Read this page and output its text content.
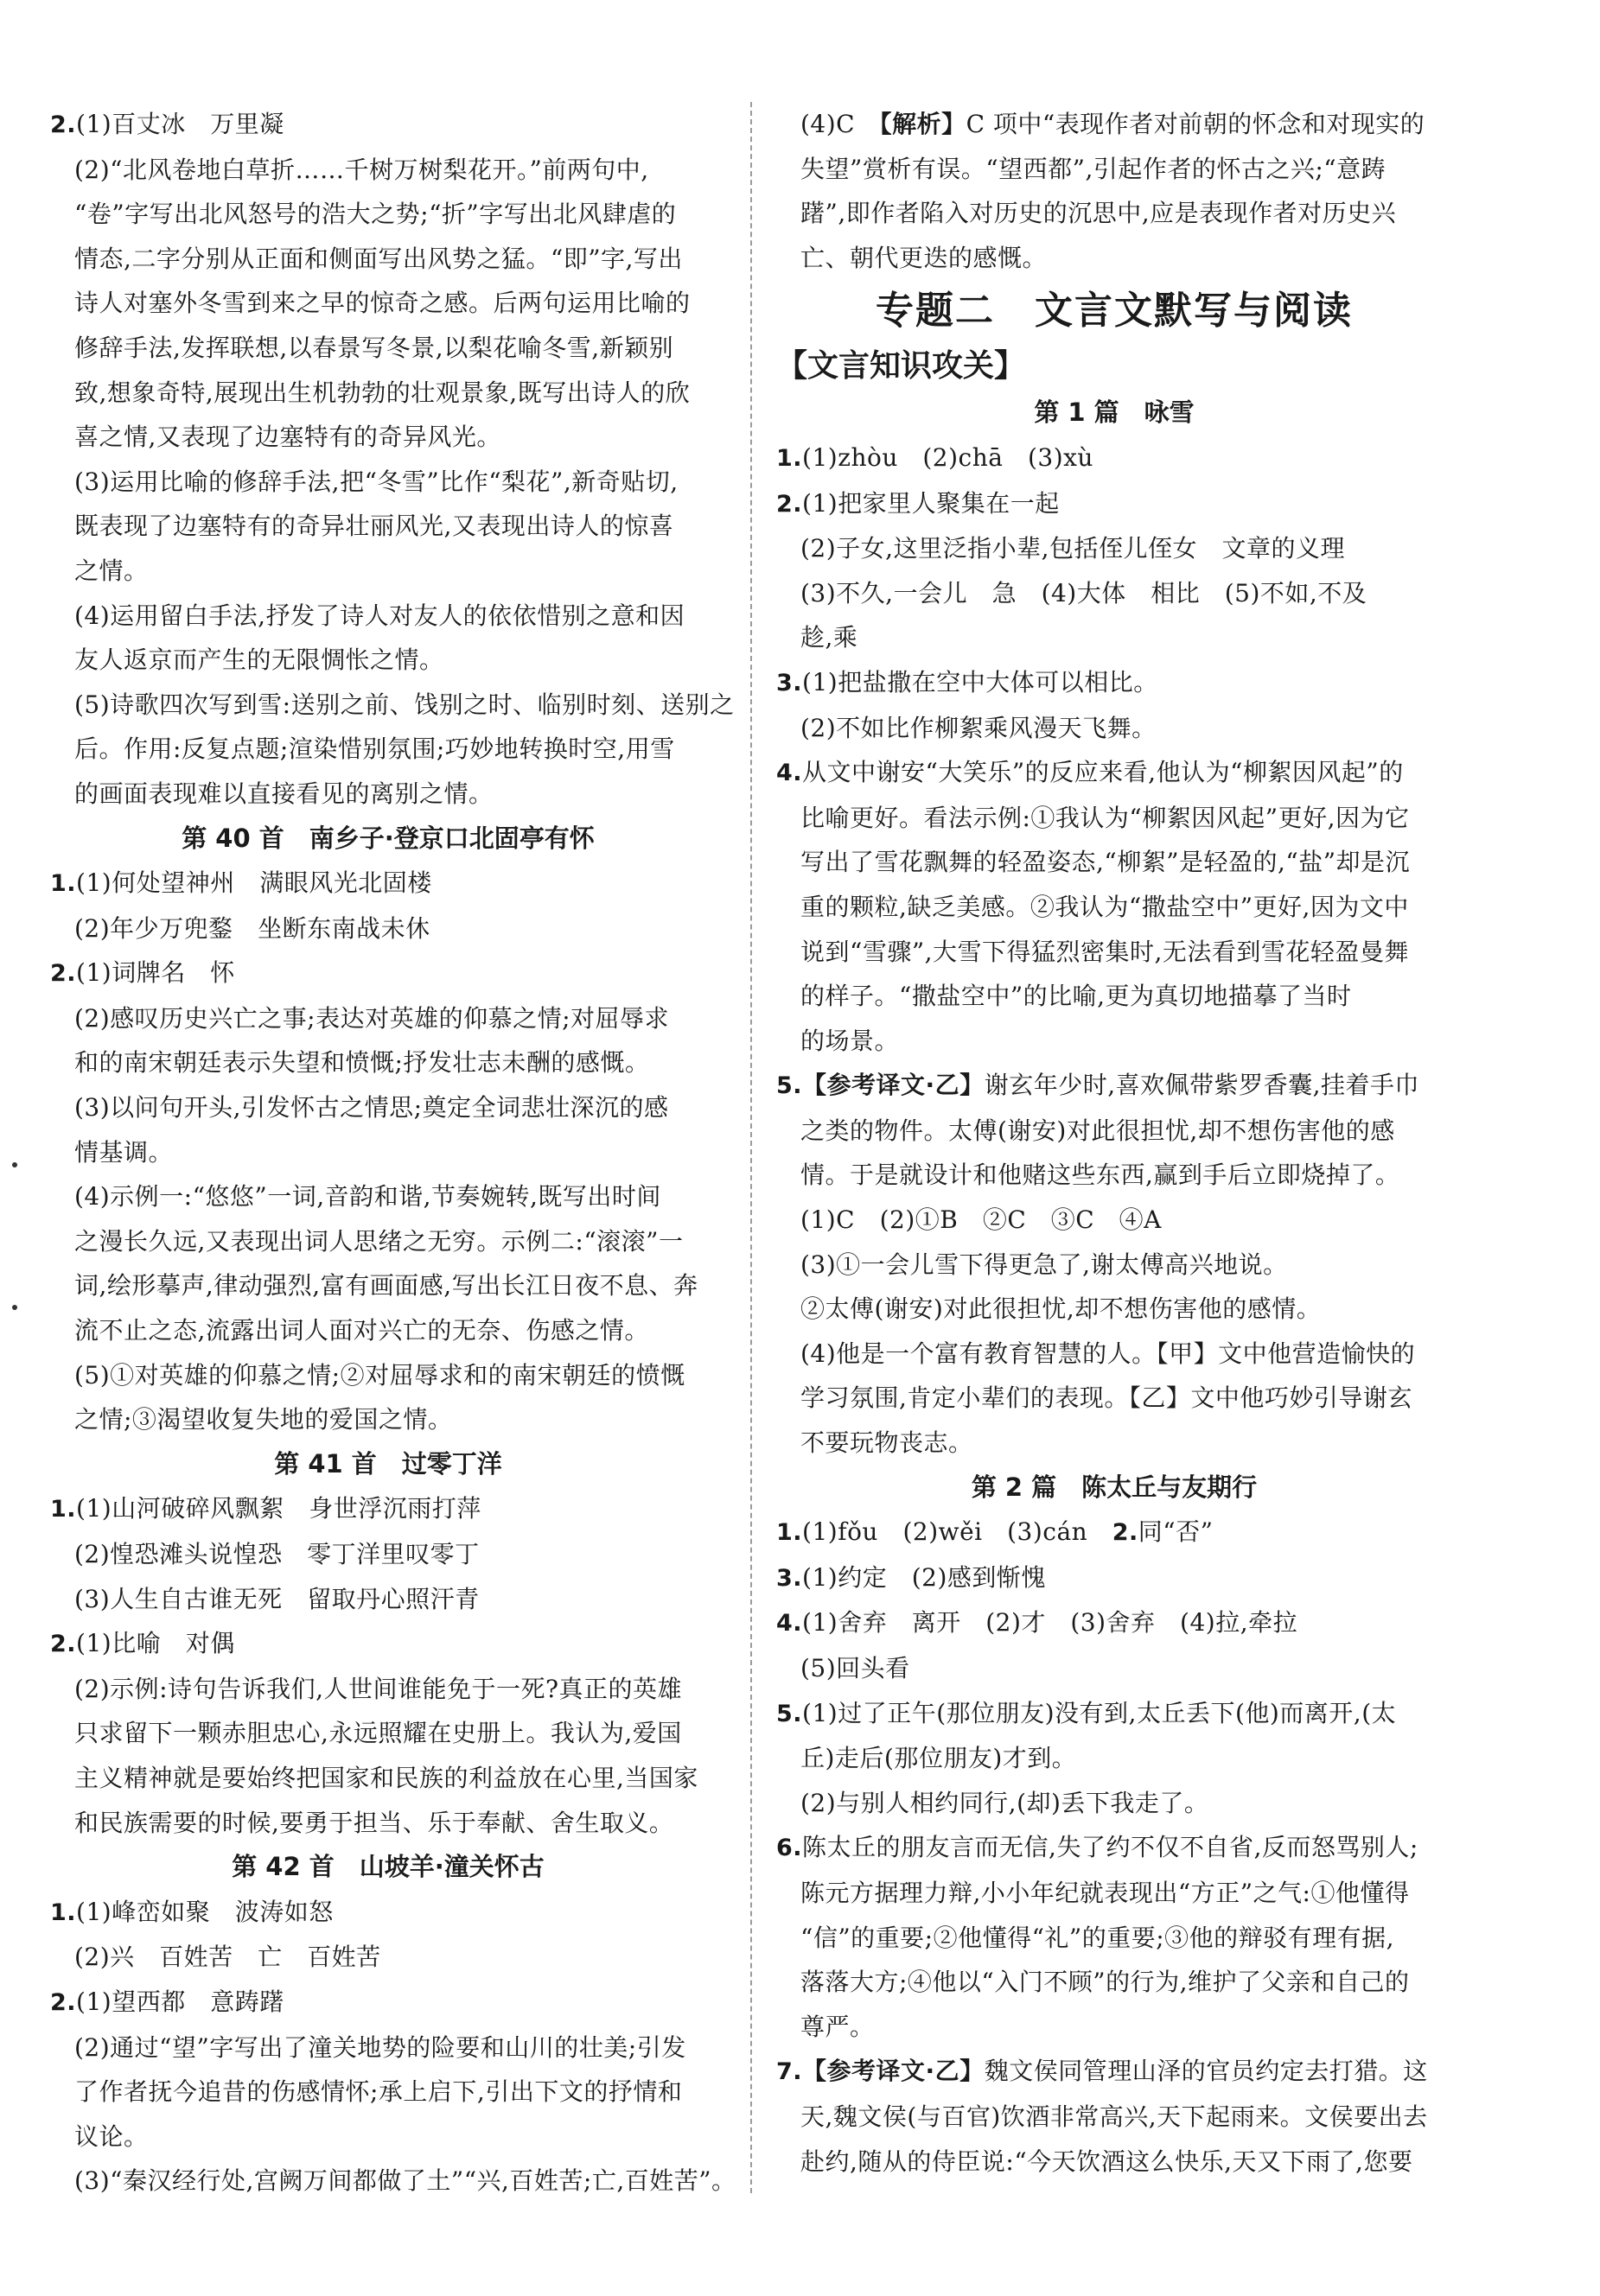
2.(1)百丈冰　万里凝
(2)“北风卷地白草折……千树万树梨花开。”前两句中,
“卷”字写出北风怒号的浩大之势;“折”字写出北风肆虐的
情态,二字分别从正面和侧面写出风势之猛。“即”字,写出
诗人对塞外冬雪到来之早的惊奇之感。后两句运用比喻的
修辞手法,发挥联想,以春景写冬景,以梨花喻冬雪,新颖别
致,想象奇特,展现出生机勃勃的壮观景象,既写出诗人的欣
喜之情,又表现了边塞特有的奇异风光。
(3)运用比喻的修辞手法,把“冬雪”比作“梨花”,新奇贴切,
既表现了边塞特有的奇异壮丽风光,又表现出诗人的惊喜
之情。
(4)运用留白手法,抒发了诗人对友人的依依惜别之意和因
友人返京而产生的无限惆怅之情。
(5)诗歌四次写到雪:送别之前、饯别之时、临别时刻、送别之
后。作用:反复点题;渲染惜别氛围;巧妙地转换时空,用雪
的画面表现难以直接看见的离别之情。
第 40 首　南乡子·登京口北固亭有怀
1.(1)何处望神州　满眼风光北固楼
(2)年少万兜鍪　坐断东南战未休
2.(1)词牌名　怀
(2)感叹历史兴亡之事;表达对英雄的仰慕之情;对屈辱求
和的南宋朝廷表示失望和愤慨;抒发壮志未酬的感慨。
(3)以问句开头,引发怀古之情思;奠定全词悲壮深沉的感
情基调。
(4)示例一:“悠悠”一词,音韵和谐,节奏婉转,既写出时间
之漫长久远,又表现出词人思绪之无穷。示例二:“滚滚”一
词,绘形摹声,律动强烈,富有画面感,写出长江日夜不息、奔
流不止之态,流露出词人面对兴亡的无奈、伤感之情。
(5)①对英雄的仰慕之情;②对屈辱求和的南宋朝廷的愤慨
之情;③渴望收复失地的爱国之情。
第 41 首　过零丁洋
1.(1)山河破碎风飘絮　身世浮沉雨打萍
(2)惶恐滩头说惶恐　零丁洋里叹零丁
(3)人生自古谁无死　留取丹心照汗青
2.(1)比喻　对偶
(2)示例:诗句告诉我们,人世间谁能免于一死?真正的英雄
只求留下一颗赤胆忠心,永远照耀在史册上。我认为,爱国
主义精神就是要始终把国家和民族的利益放在心里,当国家
和民族需要的时候,要勇于担当、乐于奉献、舍生取义。
第 42 首　山坡羊·潼关怀古
1.(1)峰峦如聚　波涛如怒
(2)兴　百姓苦　亡　百姓苦
2.(1)望西都　意踌躇
(2)通过“望”字写出了潼关地势的险要和山川的壮美;引发
了作者抚今追昔的伤感情怀;承上启下,引出下文的抒情和
议论。
(3)“秦汉经行处,宫阙万间都做了土”“兴,百姓苦;亡,百姓苦”。
(4)C　【解析】C 项中“表现作者对前朝的怀念和对现实的
失望”赏析有误。“望西都”,引起作者的怀古之兴;“意踌
躇”,即作者陷入对历史的沉思中,应是表现作者对历史兴
亡、朝代更迭的感慨。
专题二　文言文默写与阅读
【文言知识攻关】
第 1 篇　咏雪
1.(1)zhòu　(2)chā　(3)xù
2.(1)把家里人聚集在一起
(2)子女,这里泛指小辈,包括侄儿侄女　文章的义理
(3)不久,一会儿　急　(4)大体　相比　(5)不如,不及
趁,乘
3.(1)把盐撒在空中大体可以相比。
(2)不如比作柳絮乘风漫天飞舞。
4.从文中谢安“大笑乐”的反应来看,他认为“柳絮因风起”的
比喻更好。看法示例:①我认为“柳絮因风起”更好,因为它
写出了雪花飘舞的轻盈姿态,“柳絮”是轻盈的,“盐”却是沉
重的颗粒,缺乏美感。②我认为“撒盐空中”更好,因为文中
说到“雪骤”,大雪下得猛烈密集时,无法看到雪花轻盈曼舞
的样子。“撒盐空中”的比喻,更为真切地描摹了当时
的场景。
5.【参考译文·乙】谢玄年少时,喜欢佩带紫罗香囊,挂着手巾
之类的物件。太傅(谢安)对此很担忧,却不想伤害他的感
情。于是就设计和他赌这些东西,赢到手后立即烧掉了。
(1)C　(2)①B　②C　③C　④A
(3)①一会儿雪下得更急了,谢太傅高兴地说。
②太傅(谢安)对此很担忧,却不想伤害他的感情。
(4)他是一个富有教育智慧的人。【甲】文中他营造愉快的
学习氛围,肯定小辈们的表现。【乙】文中他巧妙引导谢玄
不要玩物丧志。
第 2 篇　陈太丘与友期行
1.(1)fǒu　(2)wěi　(3)cán　2.同“否”
3.(1)约定　(2)感到惭愧
4.(1)舍弃　离开　(2)才　(3)舍弃　(4)拉,牵拉
(5)回头看
5.(1)过了正午(那位朋友)没有到,太丘丢下(他)而离开,(太
丘)走后(那位朋友)才到。
(2)与别人相约同行,(却)丢下我走了。
6.陈太丘的朋友言而无信,失了约不仅不自省,反而怒骂别人;
陈元方据理力辩,小小年纪就表现出“方正”之气:①他懂得
“信”的重要;②他懂得“礼”的重要;③他的辩驳有理有据,
落落大方;④他以“入门不顾”的行为,维护了父亲和自己的
尊严。
7.【参考译文·乙】魏文侯同管理山泽的官员约定去打猎。这
天,魏文侯(与百官)饮酒非常高兴,天下起雨来。文侯要出去
赴约,随从的侍臣说:“今天饮酒这么快乐,天又下雨了,您要
